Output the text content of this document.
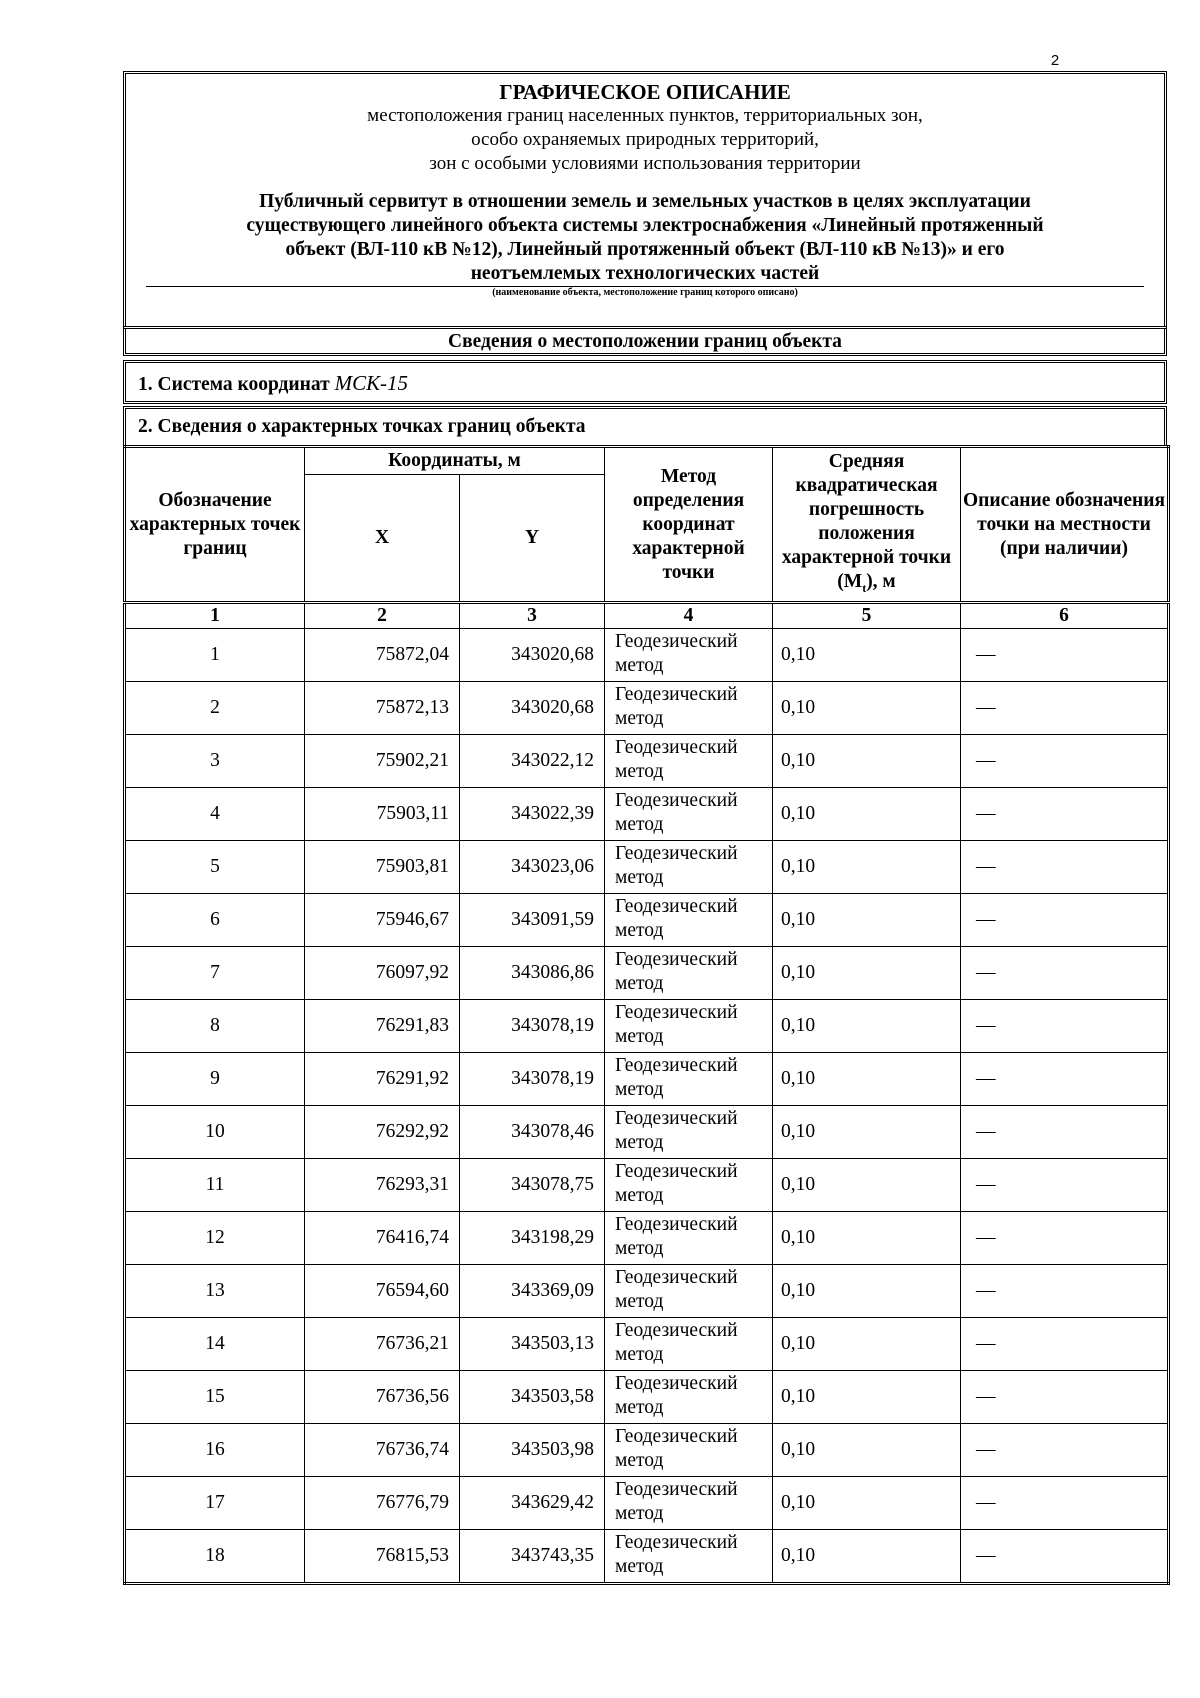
2
ГРАФИЧЕСКОЕ ОПИСАНИЕ
местоположения границ населенных пунктов, территориальных зон,
особо охраняемых природных территорий,
зон с особыми условиями использования территории
Публичный сервитут в отношении земель и земельных участков в целях эксплуатации
существующего линейного объекта системы электроснабжения «Линейный протяженный
объект (ВЛ-110 кВ №12), Линейный протяженный объект (ВЛ-110 кВ №13)» и его
неотъемлемых технологических частей
(наименование объекта, местоположение границ которого описано)
Сведения о местоположении границ объекта
1. Система координат МСК-15
2. Сведения о характерных точках границ объекта
Обозначение характерных точек границ	Координаты, м		Метод определения координат характерной точки	Средняя квадратическая погрешность положения характерной точки $(M_t)$, м	Описание обозначения точки на местности (при наличии)
	X	Y			
1	2	3	4	5	6
1	75872,04	343020,68	Геодезический метод	0,10	—
2	75872,13	343020,68	Геодезический метод	0,10	—
3	75902,21	343022,12	Геодезический метод	0,10	—
4	75903,11	343022,39	Геодезический метод	0,10	—
5	75903,81	343023,06	Геодезический метод	0,10	—
6	75946,67	343091,59	Геодезический метод	0,10	—
7	76097,92	343086,86	Геодезический метод	0,10	—
8	76291,83	343078,19	Геодезический метод	0,10	—
9	76291,92	343078,19	Геодезический метод	0,10	—
10	76292,92	343078,46	Геодезический метод	0,10	—
11	76293,31	343078,75	Геодезический метод	0,10	—
12	76416,74	343198,29	Геодезический метод	0,10	—
13	76594,60	343369,09	Геодезический метод	0,10	—
14	76736,21	343503,13	Геодезический метод	0,10	—
15	76736,56	343503,58	Геодезический метод	0,10	—
16	76736,74	343503,98	Геодезический метод	0,10	—
17	76776,79	343629,42	Геодезический метод	0,10	—
18	76815,53	343743,35	Геодезический метод	0,10	—
